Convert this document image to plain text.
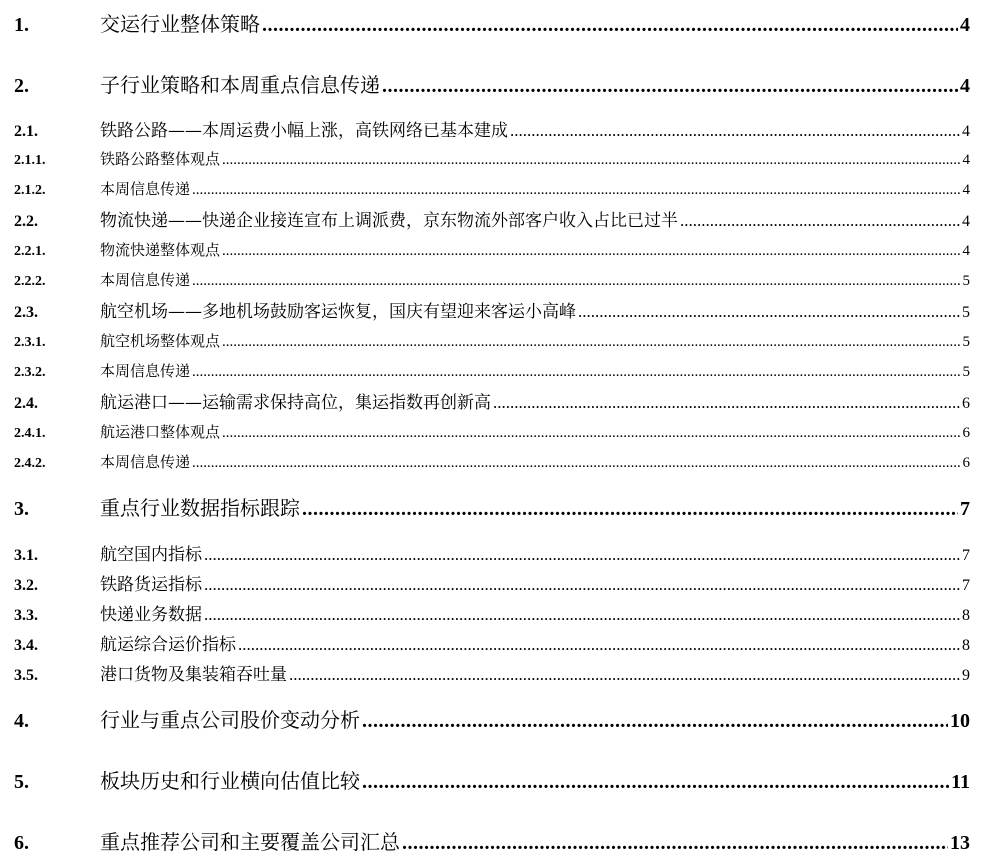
1.	交运行业整体策略 .....	4
2.	子行业策略和本周重点信息传递 .....	4
2.1.	铁路公路——本周运费小幅上涨，高铁网络已基本建成 .....	4
2.1.1.	铁路公路整体观点 .....	4
2.1.2.	本周信息传递 .....	4
2.2.	物流快递——快递企业接连宣布上调派费，京东物流外部客户收入占比已过半 .....	4
2.2.1.	物流快递整体观点 .....	4
2.2.2.	本周信息传递 .....	5
2.3.	航空机场——多地机场鼓励客运恢复，国庆有望迎来客运小高峰 .....	5
2.3.1.	航空机场整体观点 .....	5
2.3.2.	本周信息传递 .....	5
2.4.	航运港口——运输需求保持高位，集运指数再创新高 .....	6
2.4.1.	航运港口整体观点 .....	6
2.4.2.	本周信息传递 .....	6
3.	重点行业数据指标跟踪 .....	7
3.1.	航空国内指标 .....	7
3.2.	铁路货运指标 .....	7
3.3.	快递业务数据 .....	8
3.4.	航运综合运价指标 .....	8
3.5.	港口货物及集装箱吞吐量 .....	9
4.	行业与重点公司股价变动分析 .....	10
5.	板块历史和行业横向估值比较 .....	11
6.	重点推荐公司和主要覆盖公司汇总 .....	13
